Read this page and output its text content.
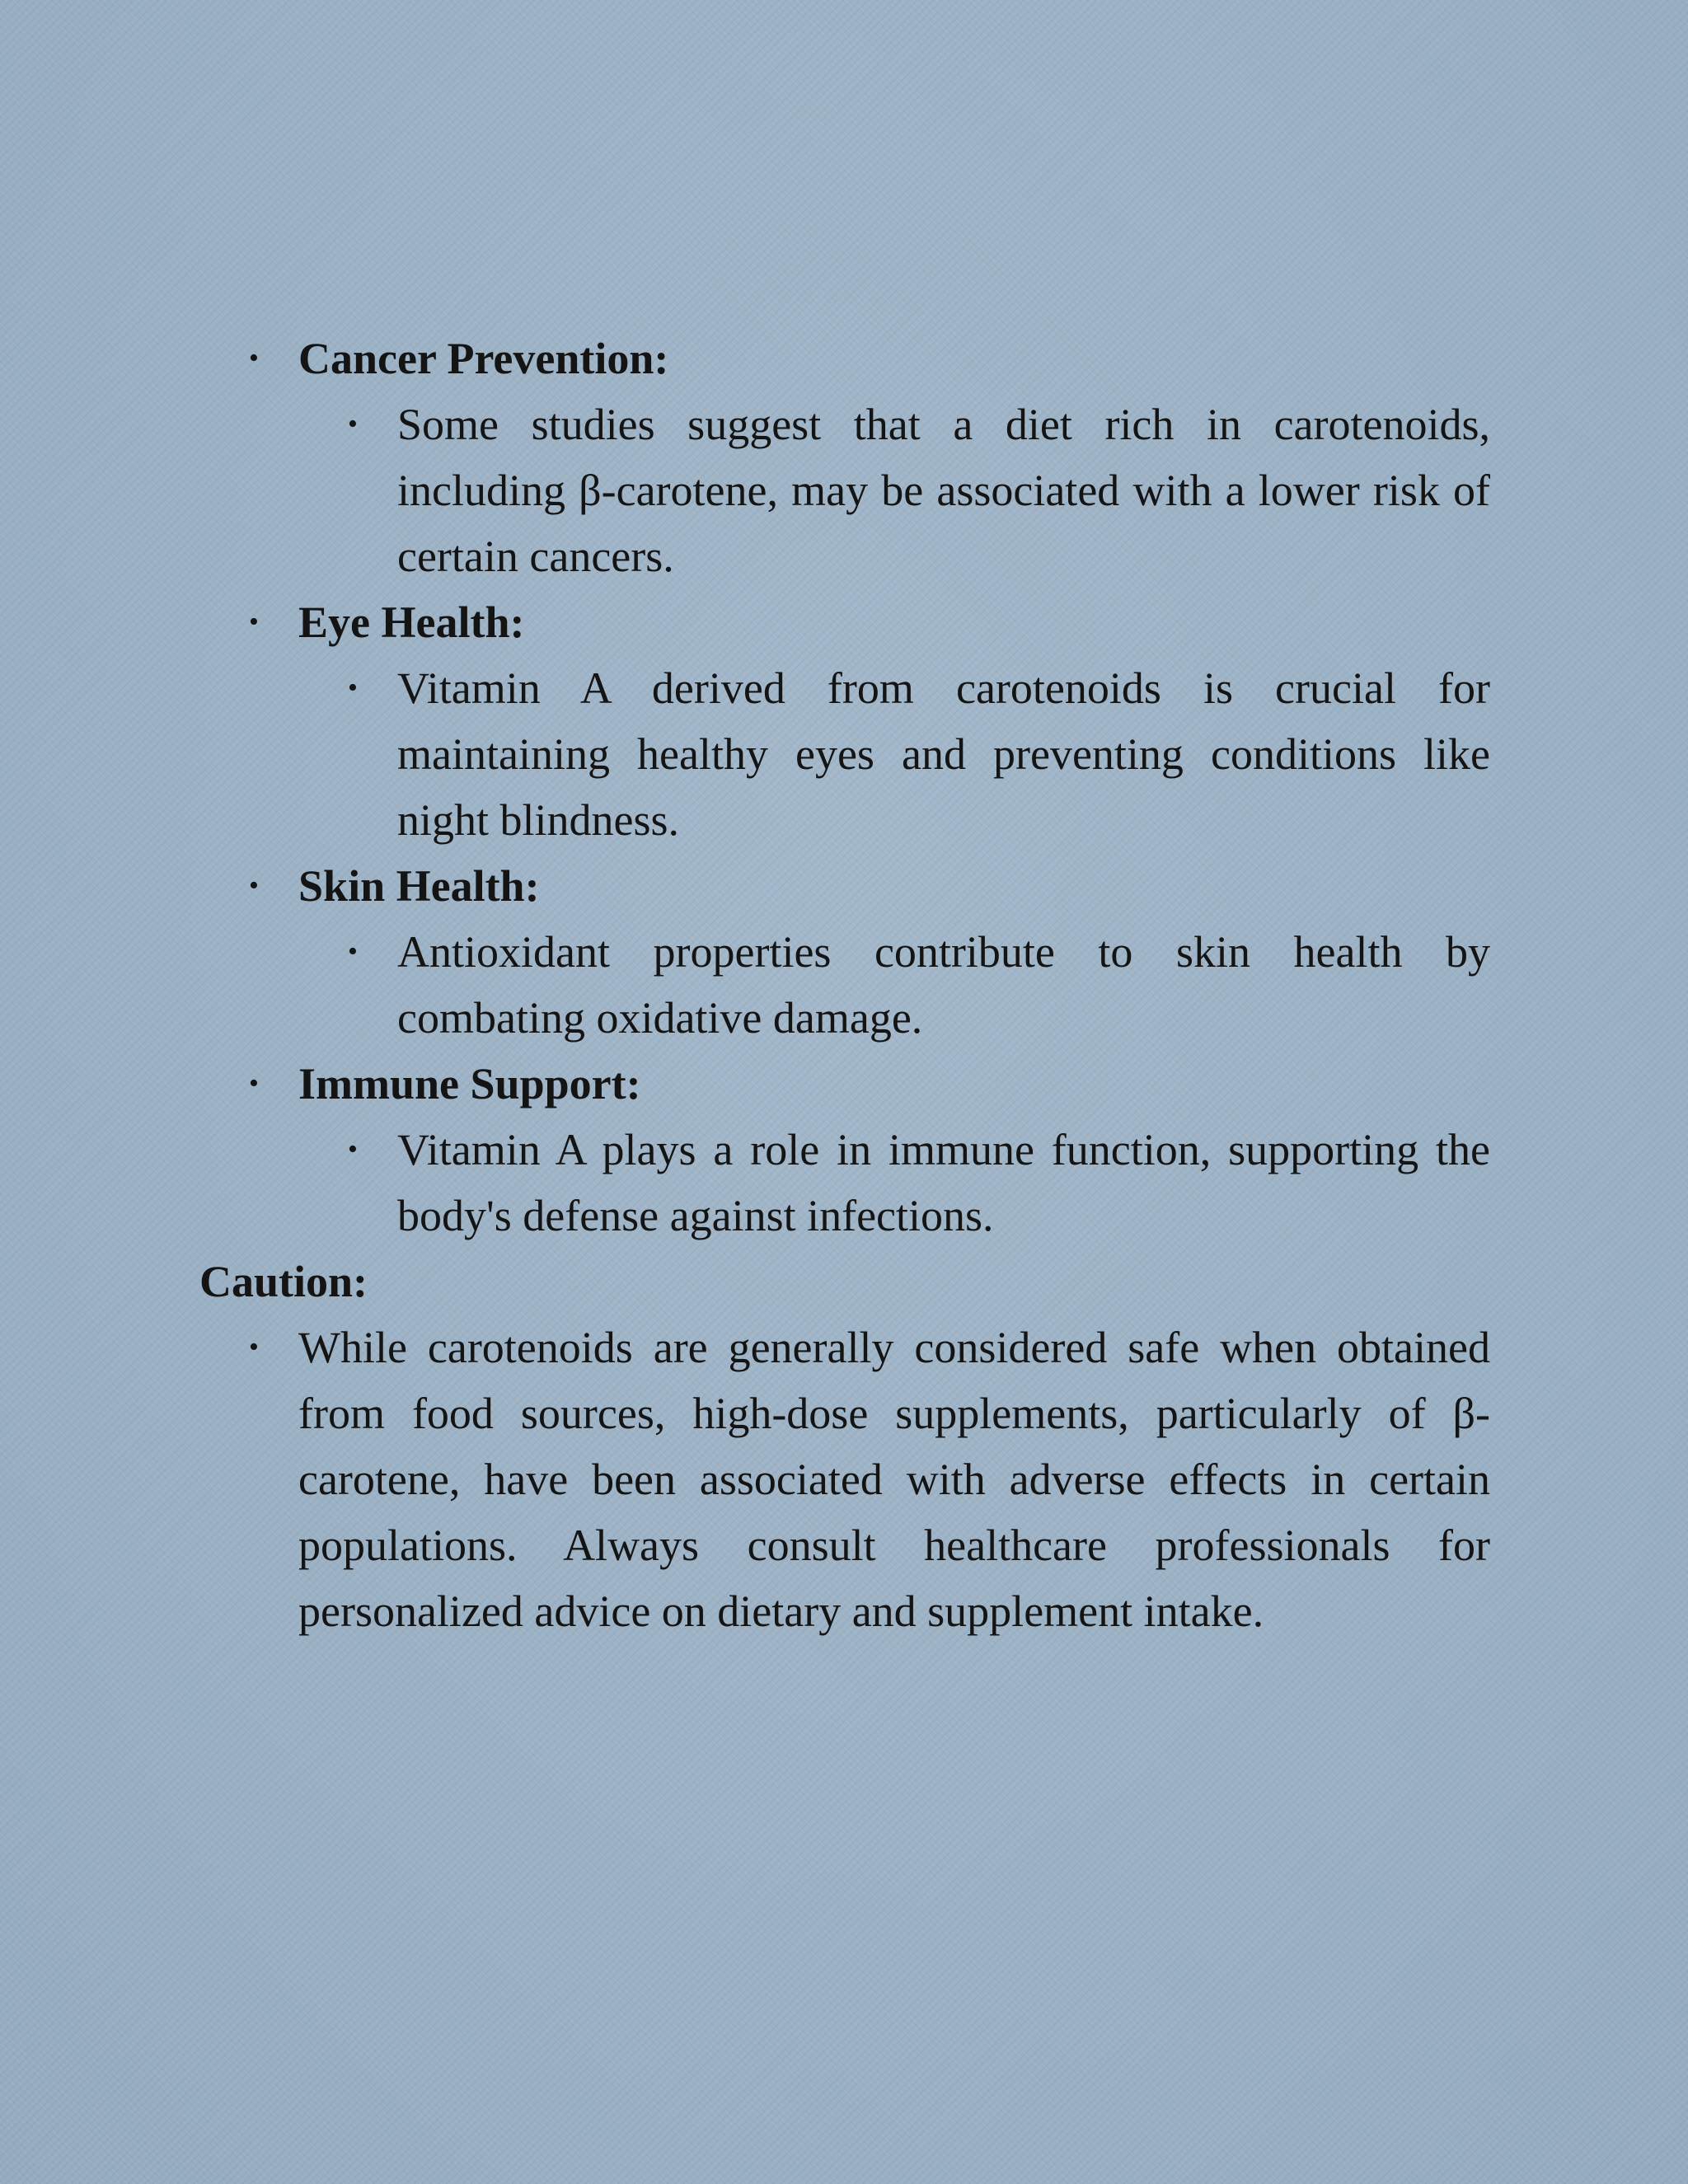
• Cancer Prevention:
• Some studies suggest that a diet rich in carotenoids, including β-carotene, may be associated with a lower risk of certain cancers.
• Eye Health:
• Vitamin A derived from carotenoids is crucial for maintaining healthy eyes and preventing conditions like night blindness.
• Skin Health:
• Antioxidant properties contribute to skin health by combating oxidative damage.
• Immune Support:
• Vitamin A plays a role in immune function, supporting the body's defense against infections.
Caution:
• While carotenoids are generally considered safe when obtained from food sources, high-dose supplements, particularly of β-carotene, have been associated with adverse effects in certain populations. Always consult healthcare professionals for personalized advice on dietary and supplement intake.
